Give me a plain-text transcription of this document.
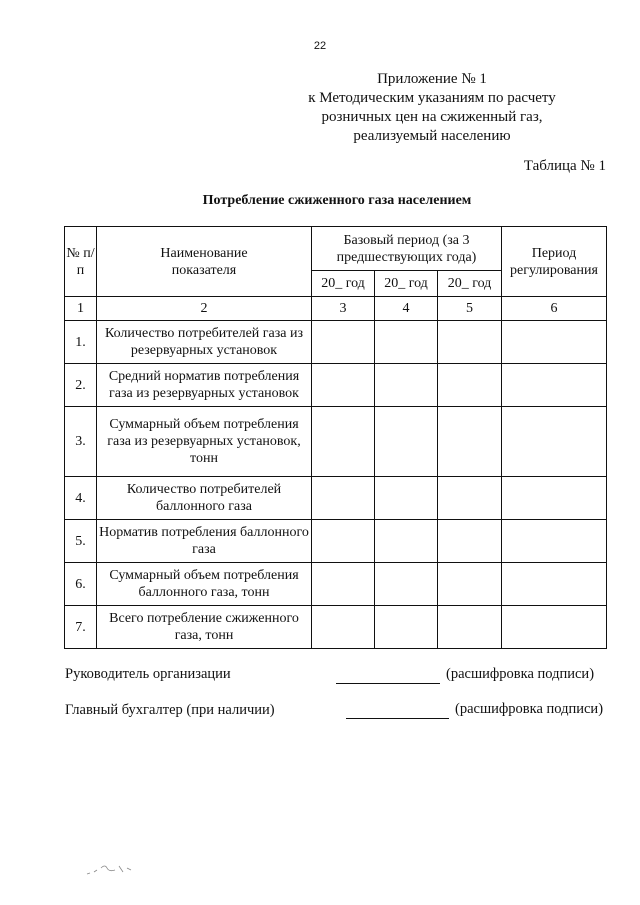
22
Приложение № 1
к Методическим указаниям по расчету
розничных цен на сжиженный газ,
реализуемый населению
Таблица № 1
Потребление сжиженного газа населением
№ п/п	Наименование показателя	Базовый период (за 3 предшествующих года)			Период регулирования
		20_ год	20_ год	20_ год	
1	2	3	4	5	6
1.	Количество потребителей газа из резервуарных установок				
2.	Средний норматив потребления газа из резервуарных установок				
3.	Суммарный объем потребления газа из резервуарных установок, тонн				
4.	Количество потребителей баллонного газа				
5.	Норматив потребления баллонного газа				
6.	Суммарный объем потребления баллонного газа, тонн				
7.	Всего потребление сжиженного газа, тонн				
Руководитель организации	(расшифровка подписи)
Главный бухгалтер (при наличии)	(расшифровка подписи)
